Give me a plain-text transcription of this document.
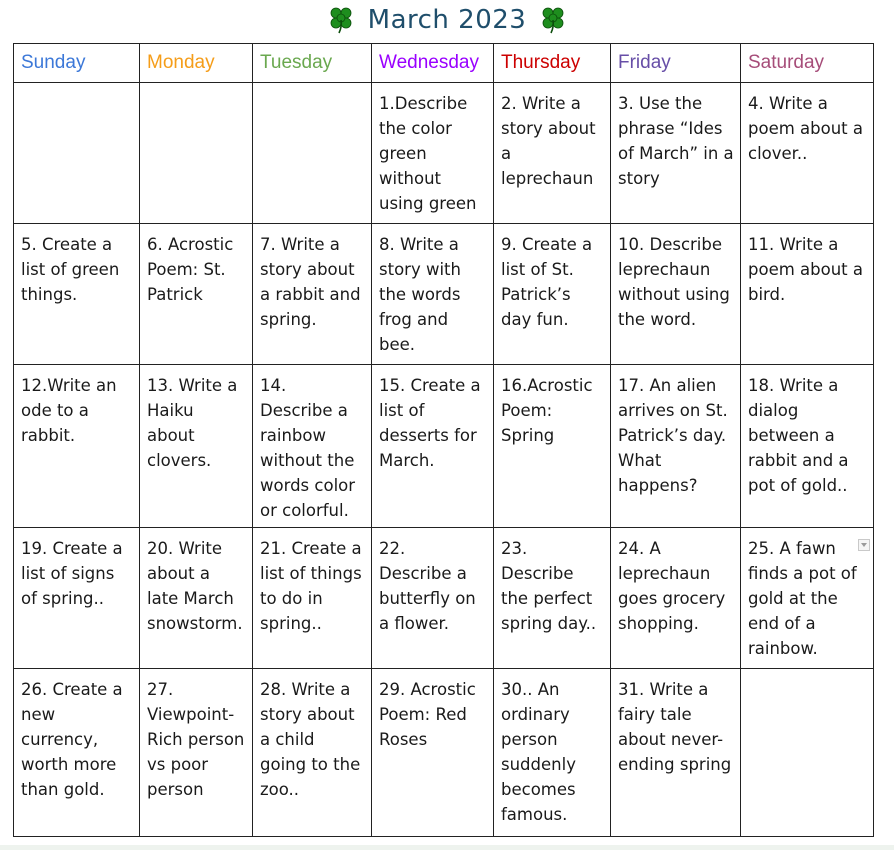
March 2023
Sunday	Monday	Tuesday	Wednesday	Thursday	Friday	Saturday

			1.Describe the color green without using green	2. Write a story about a leprechaun	3. Use the phrase “Ides of March” in a story	4. Write a poem about a clover..

5. Create a list of green things.	6. Acrostic Poem: St. Patrick	7. Write a story about a rabbit and spring.	8. Write a story with the words frog and bee.	9. Create a list of St. Patrick’s day fun.	10. Describe leprechaun without using the word.	11. Write a poem about a bird.

12.Write an ode to a rabbit.	13. Write a Haiku about clovers.	14.
Describe a rainbow without the words color or colorful.	15. Create a list of desserts for March.	16.Acrostic Poem: Spring	17. An alien arrives on St. Patrick’s day. What happens?	18. Write a dialog between a rabbit and a pot of gold..

19. Create a list of signs of spring..	20. Write about a late March snowstorm.	21. Create a list of things to do in spring..	22.
Describe a butterfly on a flower.	23.
Describe the perfect spring day..	24. A leprechaun goes grocery shopping.	25. A fawn finds a pot of gold at the end of a rainbow.

26. Create a new currency, worth more than gold.	27.
Viewpoint-Rich person vs poor person	28. Write a story about a child going to the zoo..	29. Acrostic Poem: Red Roses	30.. An ordinary person suddenly becomes famous.	31. Write a fairy tale about never-ending spring	
